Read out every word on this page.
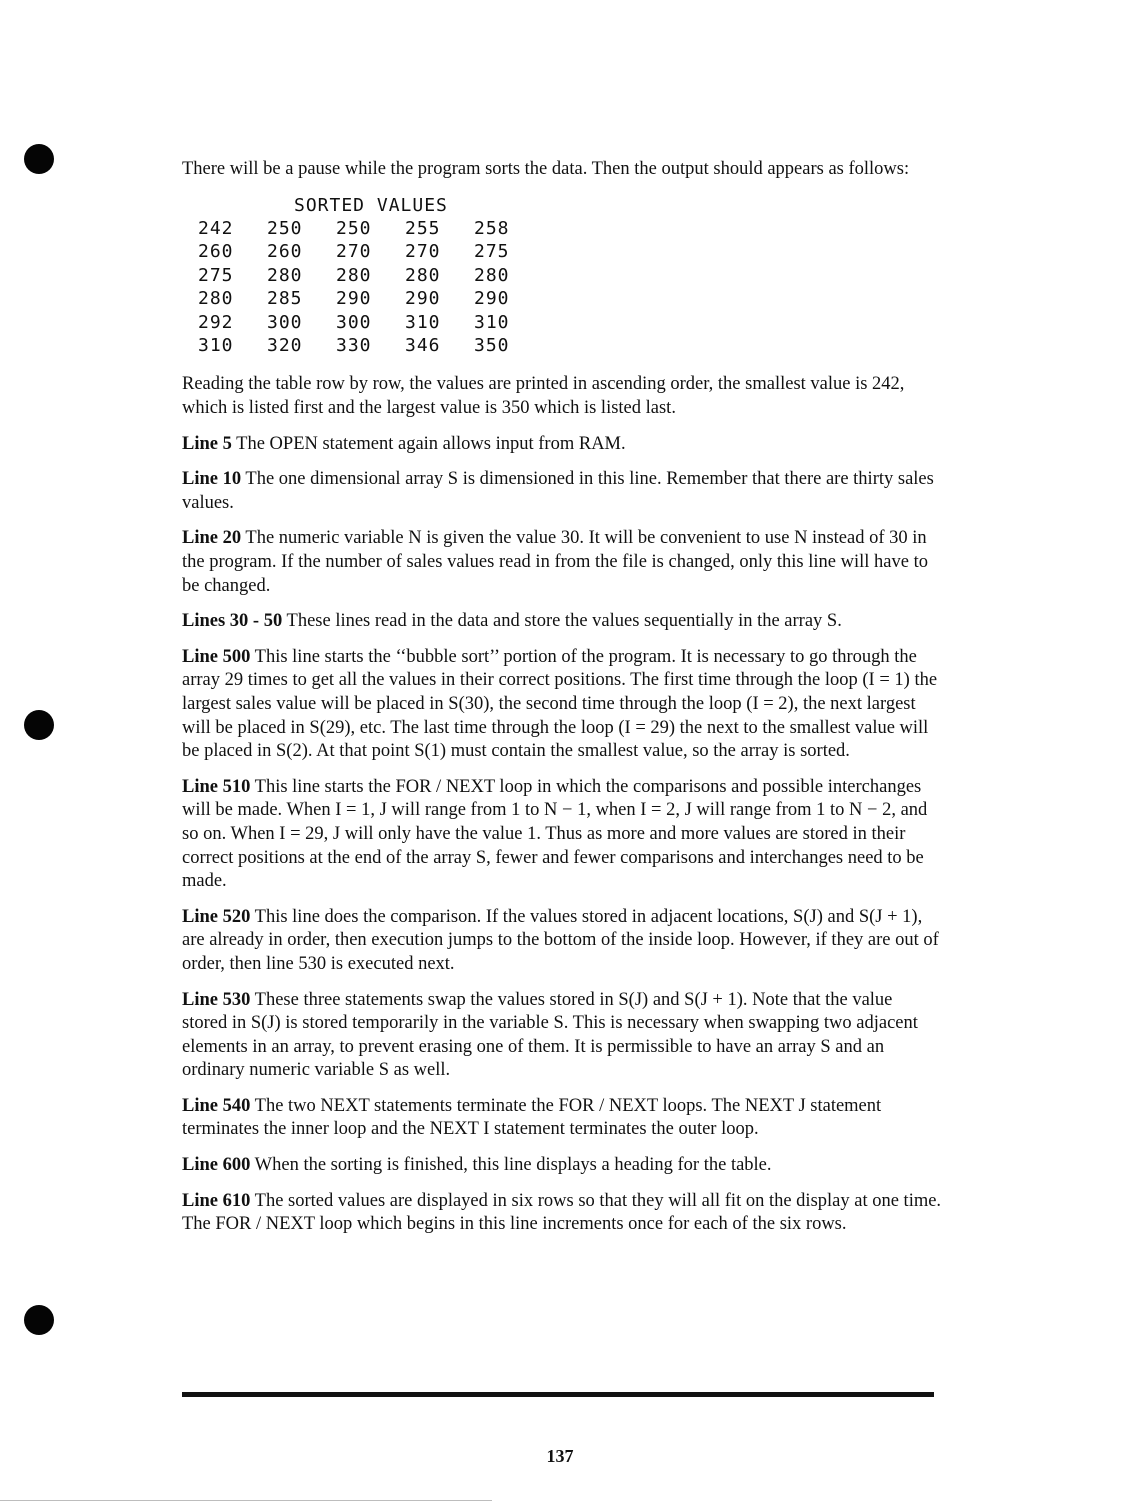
There will be a pause while the program sorts the data. Then the output should appears as follows:

SORTED VALUES
242	250	250	255	258
260	260	270	270	275
275	280	280	280	280
280	285	290	290	290
292	300	300	310	310
310	320	330	346	350

Reading the table row by row, the values are printed in ascending order, the smallest value is 242, which is listed first and the largest value is 350 which is listed last.

Line 5 The OPEN statement again allows input from RAM.

Line 10 The one dimensional array S is dimensioned in this line. Remember that there are thirty sales values.

Line 20 The numeric variable N is given the value 30. It will be convenient to use N instead of 30 in the program. If the number of sales values read in from the file is changed, only this line will have to be changed.

Lines 30 - 50 These lines read in the data and store the values sequentially in the array S.

Line 500 This line starts the ‘‘bubble sort’’ portion of the program. It is necessary to go through the array 29 times to get all the values in their correct positions. The first time through the loop (I = 1) the largest sales value will be placed in S(30), the second time through the loop (I = 2), the next largest will be placed in S(29), etc. The last time through the loop (I = 29) the next to the smallest value will be placed in S(2). At that point S(1) must contain the smallest value, so the array is sorted.

Line 510 This line starts the FOR / NEXT loop in which the comparisons and possible interchanges will be made. When I = 1, J will range from 1 to N − 1, when I = 2, J will range from 1 to N − 2, and so on. When I = 29, J will only have the value 1. Thus as more and more values are stored in their correct positions at the end of the array S, fewer and fewer comparisons and interchanges need to be made.

Line 520 This line does the comparison. If the values stored in adjacent locations, S(J) and S(J + 1), are already in order, then execution jumps to the bottom of the inside loop. However, if they are out of order, then line 530 is executed next.

Line 530 These three statements swap the values stored in S(J) and S(J + 1). Note that the value stored in S(J) is stored temporarily in the variable S. This is necessary when swapping two adjacent elements in an array, to prevent erasing one of them. It is permissible to have an array S and an ordinary numeric variable S as well.

Line 540 The two NEXT statements terminate the FOR / NEXT loops. The NEXT J statement terminates the inner loop and the NEXT I statement terminates the outer loop.

Line 600 When the sorting is finished, this line displays a heading for the table.

Line 610 The sorted values are displayed in six rows so that they will all fit on the display at one time. The FOR / NEXT loop which begins in this line increments once for each of the six rows.

137
